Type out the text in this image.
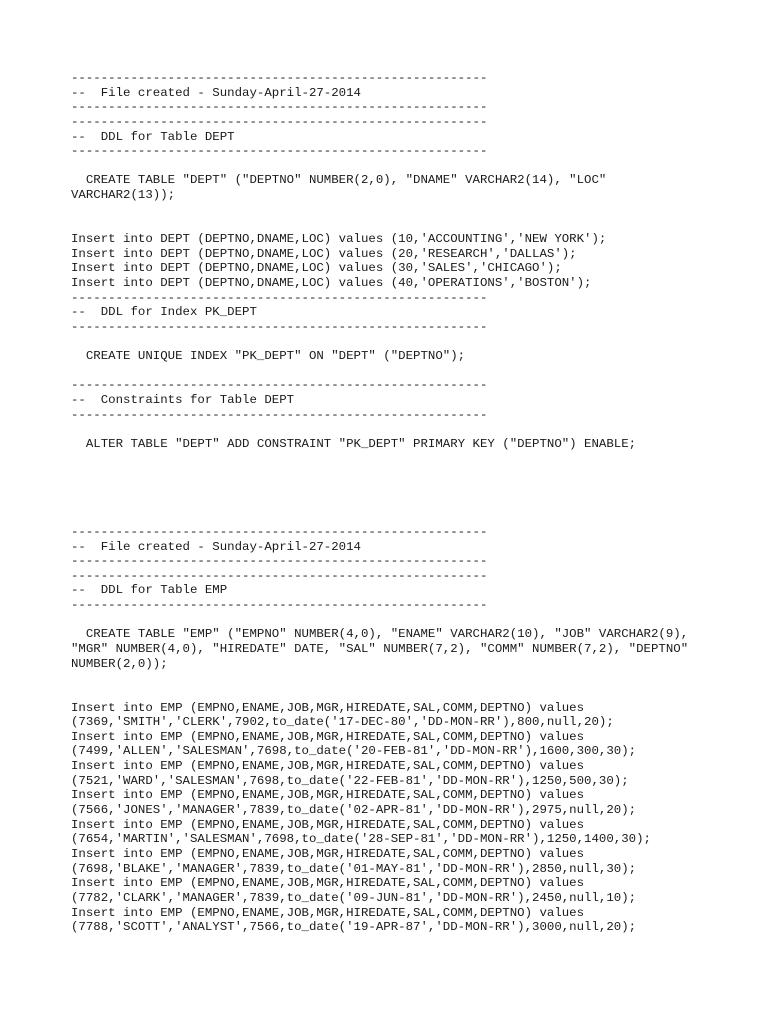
--------------------------------------------------------
--  File created - Sunday-April-27-2014
--------------------------------------------------------
--------------------------------------------------------
--  DDL for Table DEPT
--------------------------------------------------------
CREATE TABLE "DEPT" ("DEPTNO" NUMBER(2,0), "DNAME" VARCHAR2(14), "LOC"
VARCHAR2(13));
Insert into DEPT (DEPTNO,DNAME,LOC) values (10,'ACCOUNTING','NEW YORK');
Insert into DEPT (DEPTNO,DNAME,LOC) values (20,'RESEARCH','DALLAS');
Insert into DEPT (DEPTNO,DNAME,LOC) values (30,'SALES','CHICAGO');
Insert into DEPT (DEPTNO,DNAME,LOC) values (40,'OPERATIONS','BOSTON');
--------------------------------------------------------
--  DDL for Index PK_DEPT
--------------------------------------------------------
CREATE UNIQUE INDEX "PK_DEPT" ON "DEPT" ("DEPTNO");
--------------------------------------------------------
--  Constraints for Table DEPT
--------------------------------------------------------
ALTER TABLE "DEPT" ADD CONSTRAINT "PK_DEPT" PRIMARY KEY ("DEPTNO") ENABLE;
--------------------------------------------------------
--  File created - Sunday-April-27-2014
--------------------------------------------------------
--------------------------------------------------------
--  DDL for Table EMP
--------------------------------------------------------
CREATE TABLE "EMP" ("EMPNO" NUMBER(4,0), "ENAME" VARCHAR2(10), "JOB" VARCHAR2(9),
"MGR" NUMBER(4,0), "HIREDATE" DATE, "SAL" NUMBER(7,2), "COMM" NUMBER(7,2), "DEPTNO"
NUMBER(2,0));
Insert into EMP (EMPNO,ENAME,JOB,MGR,HIREDATE,SAL,COMM,DEPTNO) values
(7369,'SMITH','CLERK',7902,to_date('17-DEC-80','DD-MON-RR'),800,null,20);
Insert into EMP (EMPNO,ENAME,JOB,MGR,HIREDATE,SAL,COMM,DEPTNO) values
(7499,'ALLEN','SALESMAN',7698,to_date('20-FEB-81','DD-MON-RR'),1600,300,30);
Insert into EMP (EMPNO,ENAME,JOB,MGR,HIREDATE,SAL,COMM,DEPTNO) values
(7521,'WARD','SALESMAN',7698,to_date('22-FEB-81','DD-MON-RR'),1250,500,30);
Insert into EMP (EMPNO,ENAME,JOB,MGR,HIREDATE,SAL,COMM,DEPTNO) values
(7566,'JONES','MANAGER',7839,to_date('02-APR-81','DD-MON-RR'),2975,null,20);
Insert into EMP (EMPNO,ENAME,JOB,MGR,HIREDATE,SAL,COMM,DEPTNO) values
(7654,'MARTIN','SALESMAN',7698,to_date('28-SEP-81','DD-MON-RR'),1250,1400,30);
Insert into EMP (EMPNO,ENAME,JOB,MGR,HIREDATE,SAL,COMM,DEPTNO) values
(7698,'BLAKE','MANAGER',7839,to_date('01-MAY-81','DD-MON-RR'),2850,null,30);
Insert into EMP (EMPNO,ENAME,JOB,MGR,HIREDATE,SAL,COMM,DEPTNO) values
(7782,'CLARK','MANAGER',7839,to_date('09-JUN-81','DD-MON-RR'),2450,null,10);
Insert into EMP (EMPNO,ENAME,JOB,MGR,HIREDATE,SAL,COMM,DEPTNO) values
(7788,'SCOTT','ANALYST',7566,to_date('19-APR-87','DD-MON-RR'),3000,null,20);
